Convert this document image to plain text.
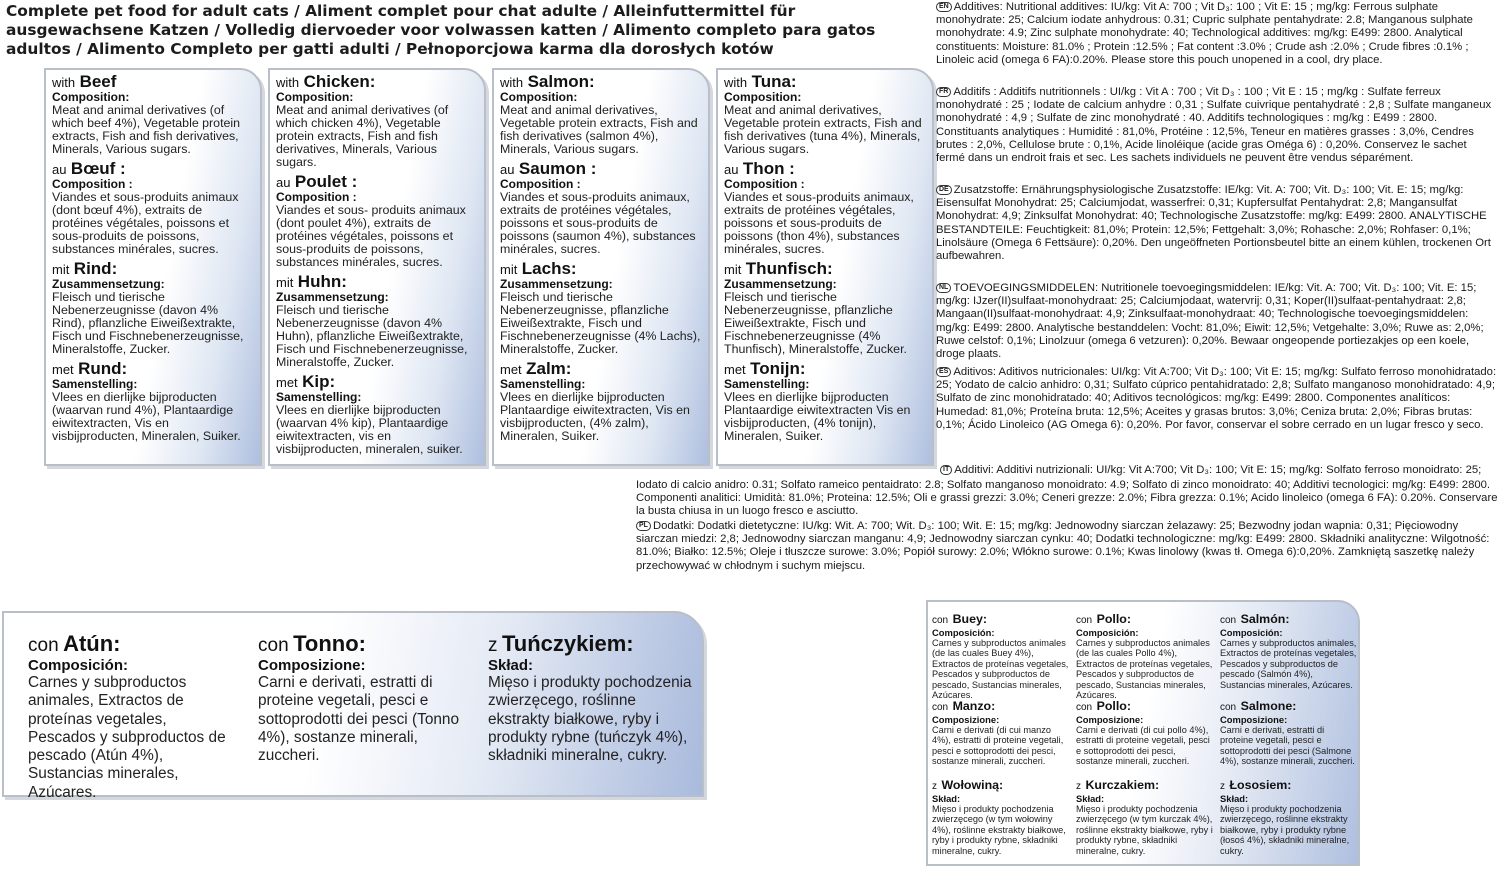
Complete pet food for adult cats / Aliment complet pour chat adulte / Alleinfuttermittel für ausgewachsene Katzen / Volledig diervoeder voor volwassen katten / Alimento completo para gatos adultos / Alimento Completo per gatti adulti / Pełnoporcjowa karma dla dorosłych kotów
with Beef
Composition:
Meat and animal derivatives (of which beef 4%), Vegetable protein extracts, Fish and fish derivatives, Minerals, Various sugars.
au Bœuf :
Composition :
Viandes et sous-produits animaux (dont bœuf 4%), extraits de protéines végétales, poissons et sous-produits de poissons, substances minérales, sucres.
mit Rind:
Zusammensetzung:
Fleisch und tierische Nebenerzeugnisse (davon 4% Rind), pflanzliche Eiweißextrakte, Fisch und Fischnebenerzeugnisse, Mineralstoffe, Zucker.
met Rund:
Samenstelling:
Vlees en dierlijke bijproducten (waarvan rund 4%), Plantaardige eiwitextracten, Vis en visbijproducten, Mineralen, Suiker.
with Chicken:
Composition:
Meat and animal derivatives (of which chicken 4%), Vegetable protein extracts, Fish and fish derivatives, Minerals, Various sugars.
au Poulet :
Composition :
Viandes et sous- produits animaux (dont poulet 4%), extraits de protéines végétales, poissons et sous-produits de poissons, substances minérales, sucres.
mit Huhn:
Zusammensetzung:
Fleisch und tierische Nebenerzeugnisse (davon 4% Huhn), pflanzliche Eiweißextrakte, Fisch und Fischnebenerzeugnisse, Mineralstoffe, Zucker.
met Kip:
Samenstelling:
Vlees en dierlijke bijproducten (waarvan 4% kip), Plantaardige eiwitextracten, vis en visbijproducten, mineralen, suiker.
with Salmon:
Composition:
Meat and animal derivatives, Vegetable protein extracts, Fish and fish derivatives (salmon 4%), Minerals, Various sugars.
au Saumon :
Composition :
Viandes et sous-produits animaux, extraits de protéines végétales, poissons et sous-produits de poissons (saumon 4%), substances minérales, sucres.
mit Lachs:
Zusammensetzung:
Fleisch und tierische Nebenerzeugnisse, pflanzliche Eiweißextrakte, Fisch und Fischnebenerzeugnisse (4% Lachs), Mineralstoffe, Zucker.
met Zalm:
Samenstelling:
Vlees en dierlijke bijproducten Plantaardige eiwitextracten, Vis en visbijproducten, (4% zalm), Mineralen, Suiker.
with Tuna:
Composition:
Meat and animal derivatives, Vegetable protein extracts, Fish and fish derivatives (tuna 4%), Minerals, Various sugars.
au Thon :
Composition :
Viandes et sous-produits animaux, extraits de protéines végétales, poissons et sous-produits de poissons (thon 4%), substances minérales, sucres.
mit Thunfisch:
Zusammensetzung:
Fleisch und tierische Nebenerzeugnisse, pflanzliche Eiweißextrakte, Fisch und Fischnebenerzeugnisse (4% Thunfisch), Mineralstoffe, Zucker.
met Tonijn:
Samenstelling:
Vlees en dierlijke bijproducten Plantaardige eiwitextracten Vis en visbijproducten, (4% tonijn), Mineralen, Suiker.
EN Additives: Nutritional additives: IU/kg: Vit A: 700 ; Vit D₃: 100 ; Vit E: 15 ; mg/kg: Ferrous sulphate monohydrate: 25; Calcium iodate anhydrous: 0.31; Cupric sulphate pentahydrate: 2.8; Manganous sulphate monohydrate: 4.9; Zinc sulphate monohydrate: 40; Technological additives: mg/kg: E499: 2800. Analytical constituents: Moisture: 81.0% ; Protein :12.5% ; Fat content :3.0% ; Crude ash :2.0% ; Crude fibres :0.1% ; Linoleic acid (omega 6 FA):0.20%. Please store this pouch unopened in a cool, dry place.
FR Additifs : Additifs nutritionnels : UI/kg : Vit A : 700 ; Vit D₃ : 100 ; Vit E : 15 ; mg/kg : Sulfate ferreux monohydraté : 25 ; Iodate de calcium anhydre : 0,31 ; Sulfate cuivrique pentahydraté : 2,8 ; Sulfate manganeux monohydraté : 4,9 ; Sulfate de zinc monohydraté : 40. Additifs technologiques : mg/kg : E499 : 2800. Constituants analytiques : Humidité : 81,0%, Protéine : 12,5%, Teneur en matières grasses : 3,0%, Cendres brutes : 2,0%, Cellulose brute : 0,1%, Acide linoléique (acide gras Oméga 6) : 0,20%. Conservez le sachet fermé dans un endroit frais et sec. Les sachets individuels ne peuvent être vendus séparément.
DE Zusatzstoffe: Ernährungsphysiologische Zusatzstoffe: IE/kg: Vit. A: 700; Vit. D₃: 100; Vit. E: 15; mg/kg: Eisensulfat Monohydrat: 25; Calciumjodat, wasserfrei: 0,31; Kupfersulfat Pentahydrat: 2,8; Mangansulfat Monohydrat: 4,9; Zinksulfat Monohydrat: 40; Technologische Zusatzstoffe: mg/kg: E499: 2800. ANALYTISCHE BESTANDTEILE: Feuchtigkeit: 81,0%; Protein: 12,5%; Fettgehalt: 3,0%; Rohasche: 2,0%; Rohfaser: 0,1%; Linolsäure (Omega 6 Fettsäure): 0,20%. Den ungeöffneten Portionsbeutel bitte an einem kühlen, trockenen Ort aufbewahren.
NL TOEVOEGINGSMIDDELEN: Nutritionele toevoegingsmiddelen: IE/kg: Vit. A: 700; Vit. D₃: 100; Vit. E: 15; mg/kg: IJzer(II)sulfaat-monohydraat: 25; Calciumjodaat, watervrij: 0,31; Koper(II)sulfaat-pentahydraat: 2,8; Mangaan(II)sulfaat-monohydraat: 4,9; Zinksulfaat-monohydraat: 40; Technologische toevoegingsmiddelen: mg/kg: E499: 2800. Analytische bestanddelen: Vocht: 81,0%; Eiwit: 12,5%; Vetgehalte: 3,0%; Ruwe as: 2,0%; Ruwe celstof: 0,1%; Linolzuur (omega 6 vetzuren): 0,20%. Bewaar ongeopende portiezakjes op een koele, droge plaats.
ES Aditivos: Aditivos nutricionales: UI/kg: Vit A:700; Vit D₃: 100; Vit E: 15; mg/kg: Sulfato ferroso monohidratado: 25; Yodato de calcio anhidro: 0,31; Sulfato cúprico pentahidratado: 2,8; Sulfato manganoso monohidratado: 4,9; Sulfato de zinc monohidratado: 40; Aditivos tecnológicos: mg/kg: E499: 2800. Componentes analíticos: Humedad: 81,0%; Proteína bruta: 12,5%; Aceites y grasas brutos: 3,0%; Ceniza bruta: 2,0%; Fibras brutas: 0,1%; Ácido Linoleico (AG Omega 6): 0,20%. Por favor, conservar el sobre cerrado en un lugar fresco y seco.
IT Additivi: Additivi nutrizionali: UI/kg: Vit A:700; Vit D₃: 100; Vit E: 15; mg/kg: Solfato ferroso monoidrato: 25;
Iodato di calcio anidro: 0.31; Solfato rameico pentaidrato: 2.8; Solfato manganoso monoidrato: 4.9; Solfato di zinco monoidrato: 40; Additivi tecnologici: mg/kg: E499: 2800. Componenti analitici: Umidità: 81.0%; Proteina: 12.5%; Oli e grassi grezzi: 3.0%; Ceneri grezze: 2.0%; Fibra grezza: 0.1%; Acido linoleico (omega 6 FA): 0.20%. Conservare la busta chiusa in un luogo fresco e asciutto.
PL Dodatki: Dodatki dietetyczne: IU/kg: Wit. A: 700; Wit. D₃: 100; Wit. E: 15; mg/kg: Jednowodny siarczan żelazawy: 25; Bezwodny jodan wapnia: 0,31; Pięciowodny siarczan miedzi: 2,8; Jednowodny siarczan manganu: 4,9; Jednowodny siarczan cynku: 40; Dodatki technologiczne: mg/kg: E499: 2800. Składniki analityczne: Wilgotność: 81.0%; Białko: 12.5%; Oleje i tłuszcze surowe: 3.0%; Popiół surowy: 2.0%; Włókno surowe: 0.1%; Kwas linolowy (kwas tł. Omega 6):0,20%. Zamkniętą saszetkę należy przechowywać w chłodnym i suchym miejscu.
con Atún:
Composición:
Carnes y subproductos animales, Extractos de proteínas vegetales, Pescados y subproductos de pescado (Atún 4%), Sustancias minerales, Azúcares.
con Tonno:
Composizione:
Carni e derivati, estratti di proteine vegetali, pesci e sottoprodotti dei pesci (Tonno 4%), sostanze minerali, zuccheri.
z Tuńczykiem:
Skład:
Mięso i produkty pochodzenia zwierzęcego, roślinne ekstrakty białkowe, ryby i produkty rybne (tuńczyk 4%), składniki mineralne, cukry.
con Buey:
Composición:
Carnes y subproductos animales (de las cuales Buey 4%), Extractos de proteínas vegetales, Pescados y subproductos de pescado, Sustancias minerales, Azúcares.
con Manzo:
Composizione:
Carni e derivati (di cui manzo 4%), estratti di proteine vegetali, pesci e sottoprodotti dei pesci, sostanze minerali, zuccheri.
z Wołowiną:
Skład:
Mięso i produkty pochodzenia zwierzęcego (w tym wołowiny 4%), roślinne ekstrakty białkowe, ryby i produkty rybne, składniki mineralne, cukry.
con Pollo:
Composición:
Carnes y subproductos animales (de las cuales Pollo 4%), Extractos de proteínas vegetales, Pescados y subproductos de pescado, Sustancias minerales, Azúcares.
con Pollo:
Composizione:
Carni e derivati (di cui pollo 4%), estratti di proteine vegetali, pesci e sottoprodotti dei pesci, sostanze minerali, zuccheri.
z Kurczakiem:
Skład:
Mięso i produkty pochodzenia zwierzęcego (w tym kurczak 4%), roślinne ekstrakty białkowe, ryby i produkty rybne, składniki mineralne, cukry.
con Salmón:
Composición:
Carnes y subproductos animales, Extractos de proteínas vegetales, Pescados y subproductos de pescado (Salmón 4%), Sustancias minerales, Azúcares.
con Salmone:
Composizione:
Carni e derivati, estratti di proteine vegetali, pesci e sottoprodotti dei pesci (Salmone 4%), sostanze minerali, zuccheri.
z Łososiem:
Skład:
Mięso i produkty pochodzenia zwierzęcego, roślinne ekstrakty białkowe, ryby i produkty rybne (łosoś 4%), składniki mineralne, cukry.
